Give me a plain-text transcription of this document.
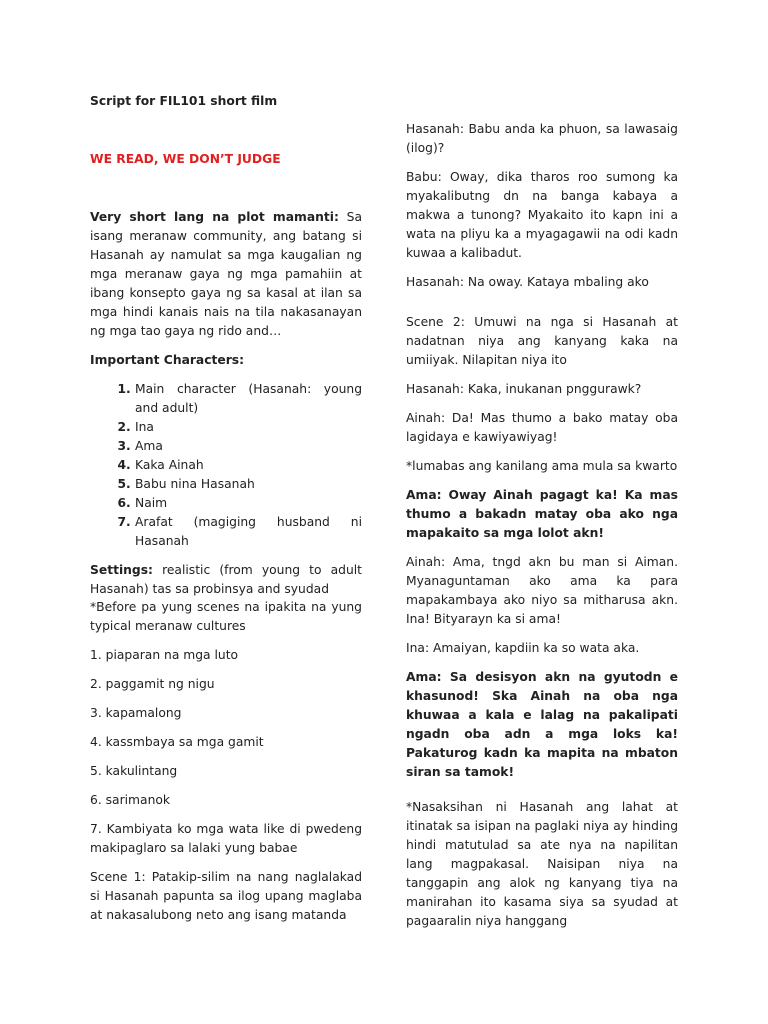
Script for FIL101 short film

WE READ, WE DON’T JUDGE

Very short lang na plot mamanti: Sa isang meranaw community, ang batang si Hasanah ay namulat sa mga kaugalian ng mga meranaw gaya ng mga pamahiin at ibang konsepto gaya ng sa kasal at ilan sa mga hindi kanais nais na tila nakasanayan ng mga tao gaya ng rido and…

Important Characters:

1. Main character (Hasanah: young and adult)
2. Ina
3. Ama
4. Kaka Ainah
5. Babu nina Hasanah
6. Naim
7. Arafat (magiging husband ni Hasanah

Settings: realistic (from young to adult Hasanah) tas sa probinsya and syudad

*Before pa yung scenes na ipakita na yung typical meranaw cultures

1. piaparan na mga luto

2. paggamit ng nigu

3. kapamalong

4. kassmbaya sa mga gamit

5. kakulintang

6. sarimanok

7. Kambiyata ko mga wata like di pwedeng makipaglaro sa lalaki yung babae

Scene 1: Patakip-silim na nang naglalakad si Hasanah papunta sa ilog upang maglaba at nakasalubong neto ang isang matanda

Hasanah: Babu anda ka phuon, sa lawasaig (ilog)?

Babu: Oway, dika tharos roo sumong ka myakalibutng dn na banga kabaya a makwa a tunong? Myakaito ito kapn ini a wata na pliyu ka a myagagawii na odi kadn kuwaa a kalibadut.

Hasanah: Na oway. Kataya mbaling ako

Scene 2: Umuwi na nga si Hasanah at nadatnan niya ang kanyang kaka na umiiyak. Nilapitan niya ito

Hasanah: Kaka, inukanan pnggurawk?

Ainah: Da! Mas thumo a bako matay oba lagidaya e kawiyawiyag!

*lumabas ang kanilang ama mula sa kwarto

Ama: Oway Ainah pagagt ka! Ka mas thumo a bakadn matay oba ako nga mapakaito sa mga lolot akn!

Ainah: Ama, tngd akn bu man si Aiman. Myanaguntaman ako ama ka para mapakambaya ako niyo sa mitharusa akn. Ina! Bityarayn ka si ama!

Ina: Amaiyan, kapdiin ka so wata aka.

Ama: Sa desisyon akn na gyutodn e khasunod! Ska Ainah na oba nga khuwaa a kala e lalag na pakalipati ngadn oba adn a mga loks ka! Pakaturog kadn ka mapita na mbaton siran sa tamok!

*Nasaksihan ni Hasanah ang lahat at itinatak sa isipan na paglaki niya ay hinding hindi matutulad sa ate nya na napilitan lang magpakasal. Naisipan niya na tanggapin ang alok ng kanyang tiya na manirahan ito kasama siya sa syudad at pagaaralin niya hanggang
